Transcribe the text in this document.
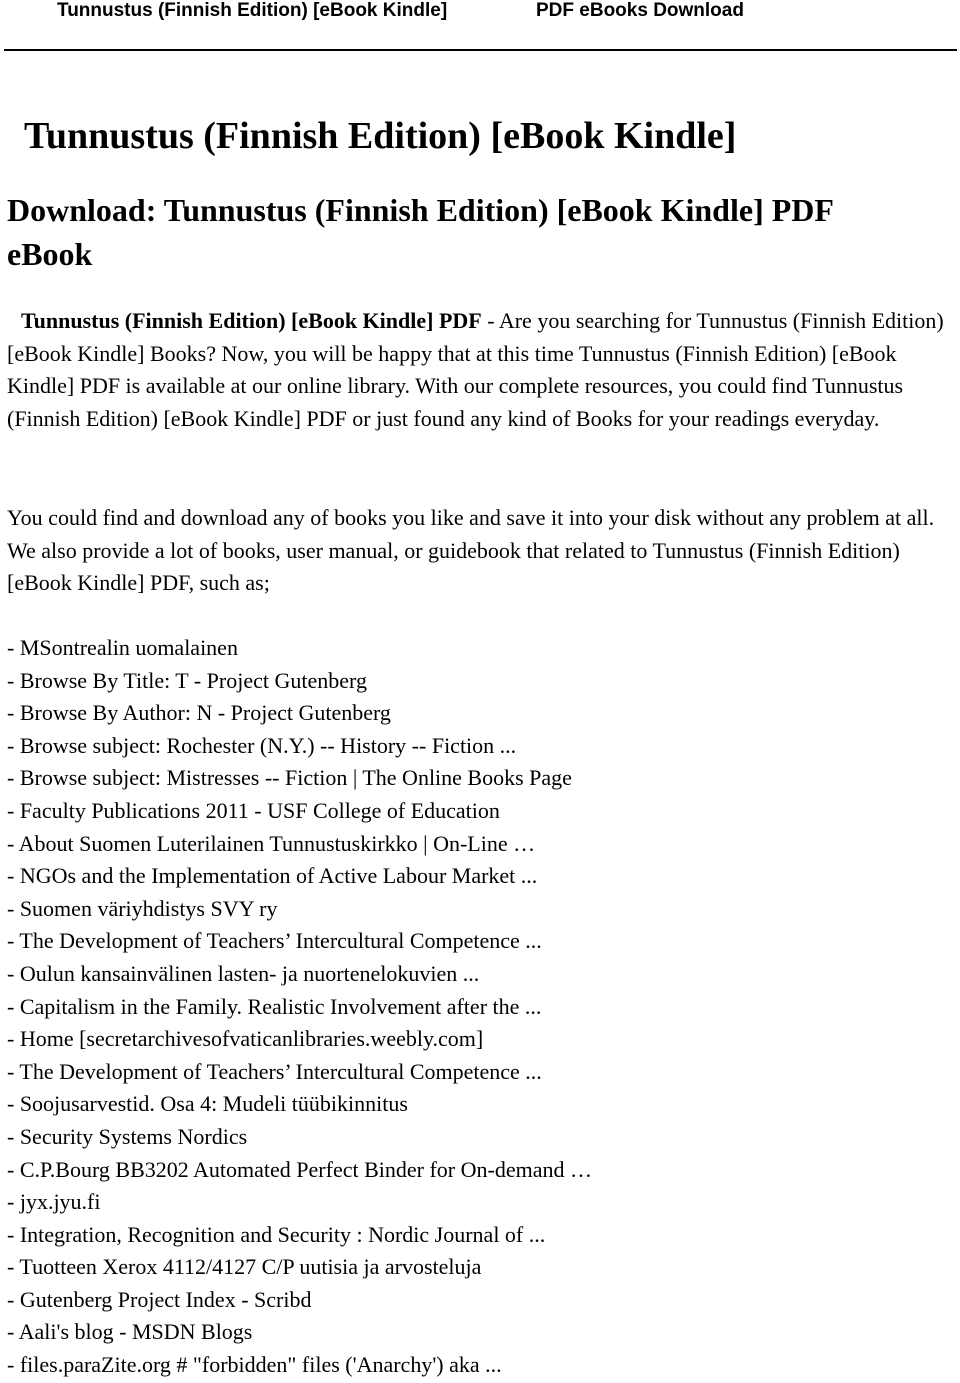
Tunnustus (Finnish Edition) [eBook Kindle]	PDF eBooks Download
Tunnustus (Finnish Edition) [eBook Kindle]
Download: Tunnustus (Finnish Edition) [eBook Kindle] PDF eBook

Tunnustus (Finnish Edition) [eBook Kindle] PDF - Are you searching for Tunnustus (Finnish Edition) [eBook Kindle] Books? Now, you will be happy that at this time Tunnustus (Finnish Edition) [eBook Kindle] PDF is available at our online library. With our complete resources, you could find Tunnustus (Finnish Edition) [eBook Kindle] PDF or just found any kind of Books for your readings everyday.

You could find and download any of books you like and save it into your disk without any problem at all. We also provide a lot of books, user manual, or guidebook that related to Tunnustus (Finnish Edition) [eBook Kindle] PDF, such as;

- MSontrealin uomalainen
- Browse By Title: T - Project Gutenberg
- Browse By Author: N - Project Gutenberg
- Browse subject: Rochester (N.Y.) -- History -- Fiction ...
- Browse subject: Mistresses -- Fiction | The Online Books Page
- Faculty Publications 2011 - USF College of Education
- About Suomen Luterilainen Tunnustuskirkko | On-Line …
- NGOs and the Implementation of Active Labour Market ...
- Suomen väriyhdistys SVY ry
- The Development of Teachers’ Intercultural Competence ...
- Oulun kansainvälinen lasten- ja nuortenelokuvien ...
- Capitalism in the Family. Realistic Involvement after the ...
- Home [secretarchivesofvaticanlibraries.weebly.com]
- The Development of Teachers’ Intercultural Competence ...
- Soojusarvestid. Osa 4: Mudeli tüübikinnitus
- Security Systems Nordics
- C.P.Bourg BB3202 Automated Perfect Binder for On-demand …
- jyx.jyu.fi
- Integration, Recognition and Security : Nordic Journal of ...
- Tuotteen Xerox 4112/4127 C/P uutisia ja arvosteluja
- Gutenberg Project Index - Scribd
- Aali's blog - MSDN Blogs
- files.paraZite.org # "forbidden" files ('Anarchy') aka ...
